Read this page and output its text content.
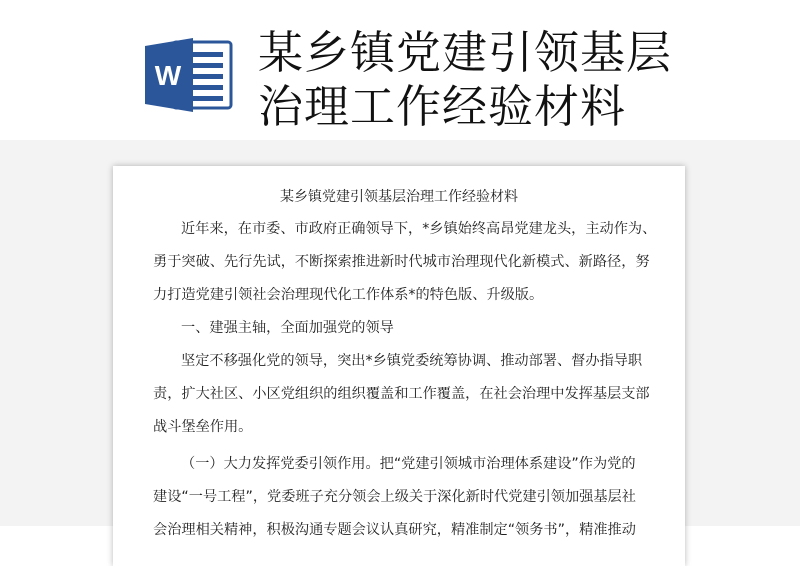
W 某乡镇党建引领基层
治理工作经验材料
某乡镇党建引领基层治理工作经验材料
近年来，在市委、市政府正确领导下，*乡镇始终高昂党建龙头，主动作为、
勇于突破、先行先试，不断探索推进新时代城市治理现代化新模式、新路径，努
力打造党建引领社会治理现代化工作体系*的特色版、升级版。
一、建强主轴，全面加强党的领导
坚定不移强化党的领导，突出*乡镇党委统筹协调、推动部署、督办指导职
责，扩大社区、小区党组织的组织覆盖和工作覆盖，在社会治理中发挥基层支部
战斗堡垒作用。
（一）大力发挥党委引领作用。把“党建引领城市治理体系建设”作为党的
建设“一号工程”，党委班子充分领会上级关于深化新时代党建引领加强基层社
会治理相关精神，积极沟通专题会议认真研究，精准制定“领务书”，精准推动
